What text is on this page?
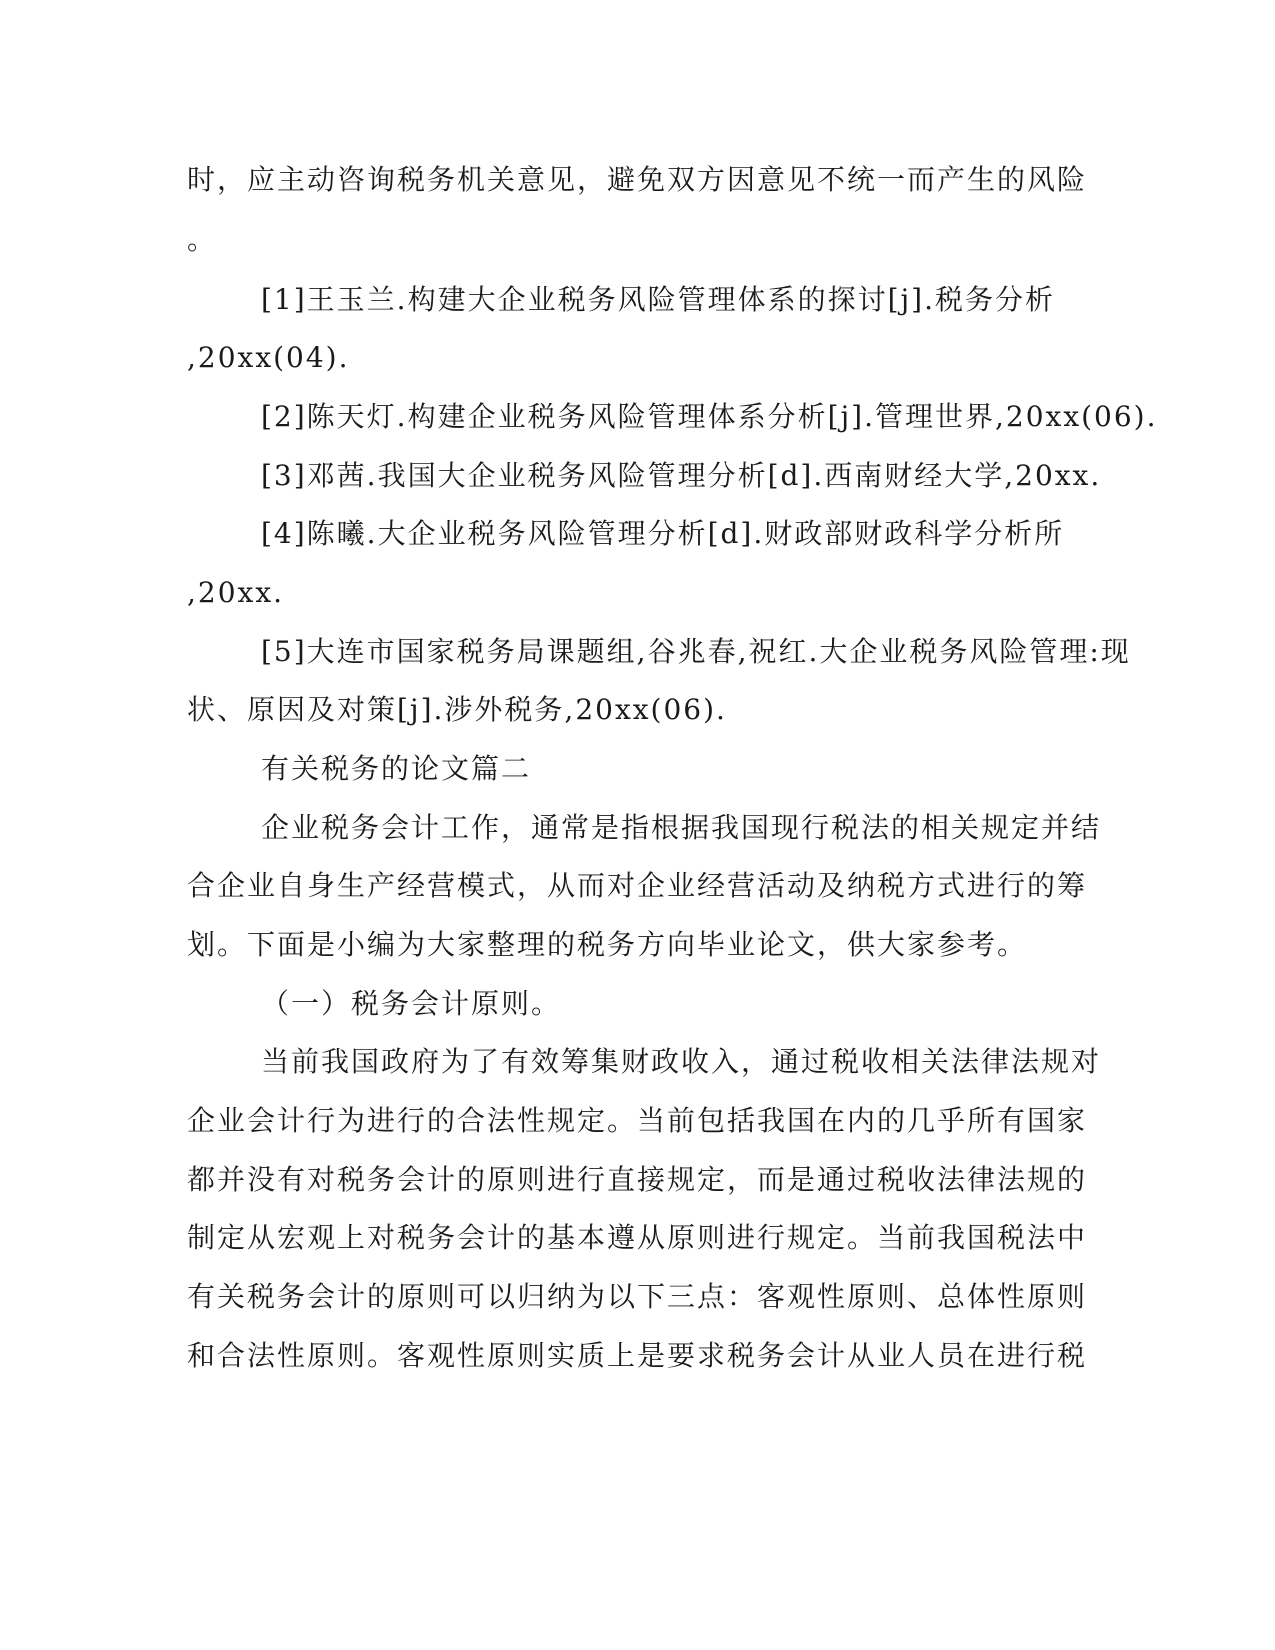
时，应主动咨询税务机关意见，避免双方因意见不统一而产生的风险
。
[1]王玉兰.构建大企业税务风险管理体系的探讨[j].税务分析
,20xx(04).
[2]陈天灯.构建企业税务风险管理体系分析[j].管理世界,20xx(06).
[3]邓茜.我国大企业税务风险管理分析[d].西南财经大学,20xx.
[4]陈曦.大企业税务风险管理分析[d].财政部财政科学分析所
,20xx.
[5]大连市国家税务局课题组,谷兆春,祝红.大企业税务风险管理:现
状、原因及对策[j].涉外税务,20xx(06).
有关税务的论文篇二
企业税务会计工作，通常是指根据我国现行税法的相关规定并结
合企业自身生产经营模式，从而对企业经营活动及纳税方式进行的筹
划。下面是小编为大家整理的税务方向毕业论文，供大家参考。
（一）税务会计原则。
当前我国政府为了有效筹集财政收入，通过税收相关法律法规对
企业会计行为进行的合法性规定。当前包括我国在内的几乎所有国家
都并没有对税务会计的原则进行直接规定，而是通过税收法律法规的
制定从宏观上对税务会计的基本遵从原则进行规定。当前我国税法中
有关税务会计的原则可以归纳为以下三点：客观性原则、总体性原则
和合法性原则。客观性原则实质上是要求税务会计从业人员在进行税
